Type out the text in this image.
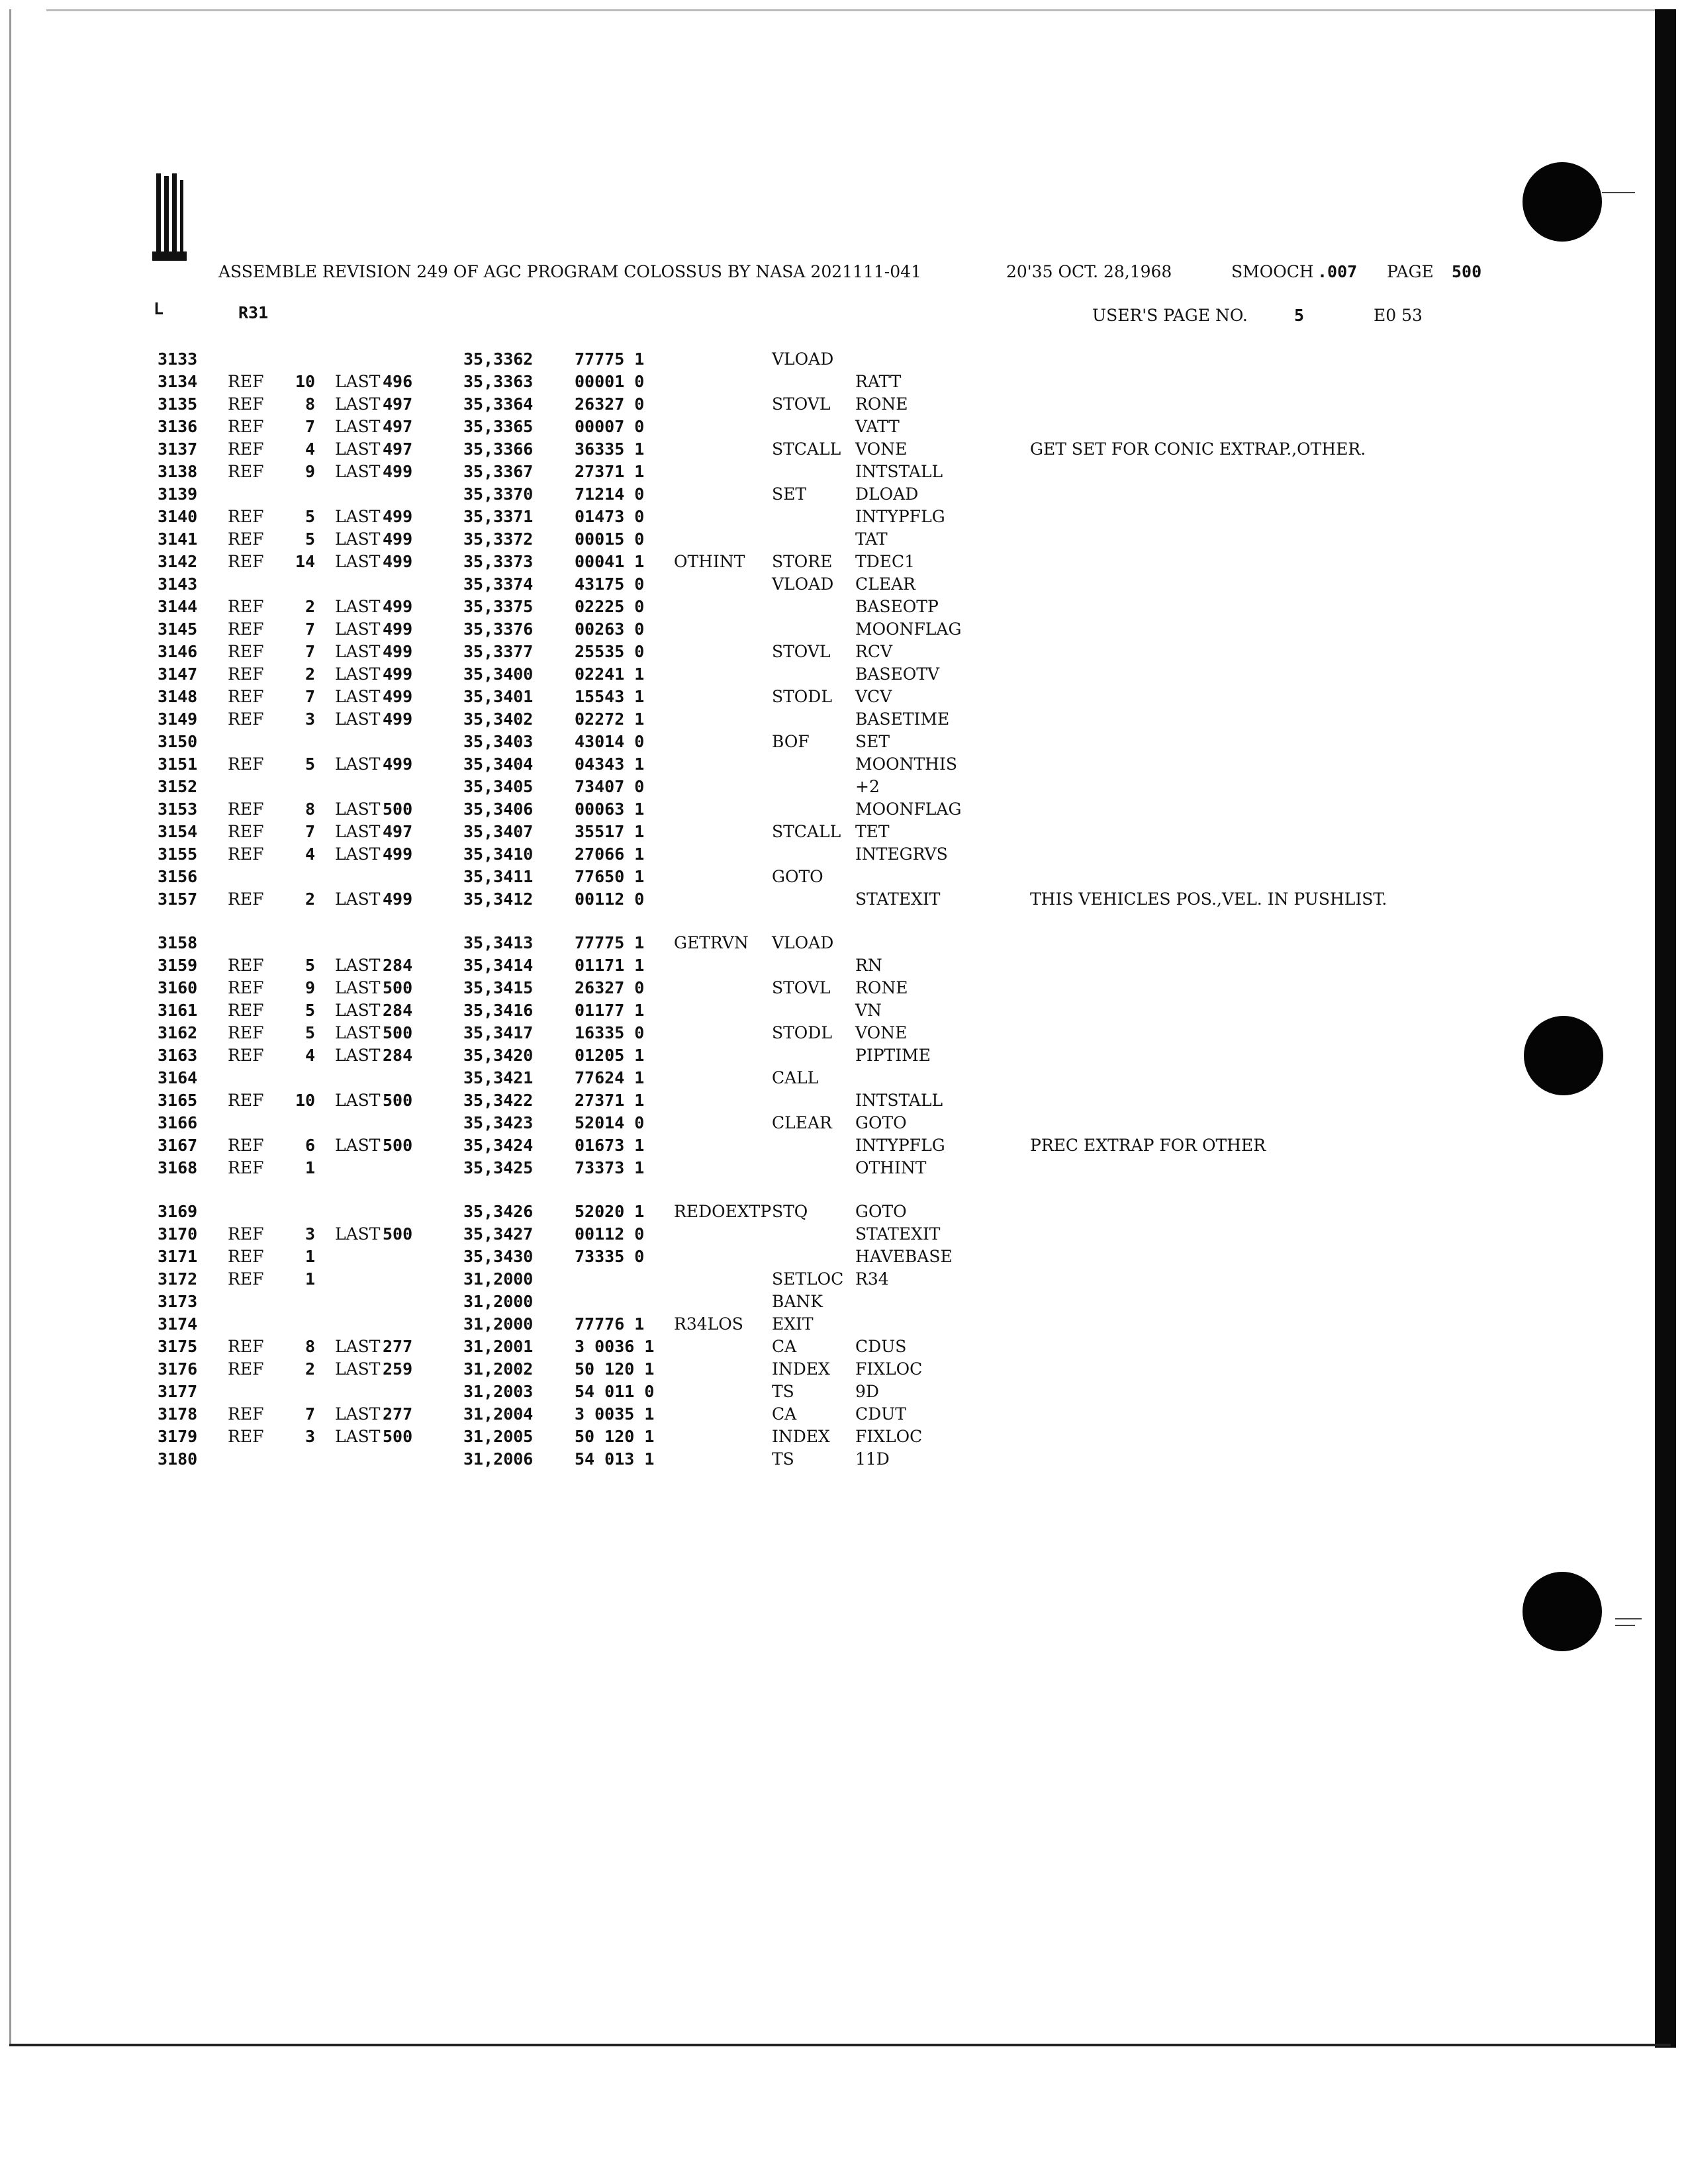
ASSEMBLE REVISION 249 OF AGC PROGRAM COLOSSUS BY NASA 2021111-041	20'35 OCT. 28,1968	SMOOCH .007 PAGE 500
L	R31	USER'S PAGE NO.	5	E0 53
3133	35,3362	77775 1	VLOAD
3134 REF 10 LAST 496	35,3363	00001 0	RATT
3135 REF	8 LAST 497	35,3364	26327 0	STOVL RONE
3136 REF	7 LAST 497	35,3365	00007 0	VATT
3137 REF	4 LAST 497	35,3366	36335 1	STCALL VONE	GET SET FOR CONIC EXTRAP.,OTHER.
3138 REF	9 LAST 499	35,3367	27371 1	INTSTALL
3139	35,3370	71214 0	SET	DLOAD
3140 REF	5 LAST 499	35,3371	01473 0	INTYPFLG
3141 REF	5 LAST 499	35,3372	00015 0	TAT
3142 REF 14 LAST 499	35,3373	00041 1 OTHINT STORE TDEC1
3143	35,3374	43175 0	VLOAD CLEAR
3144 REF	2 LAST 499	35,3375	02225 0	BASEOTP
3145 REF	7 LAST 499	35,3376	00263 0	MOONFLAG
3146 REF	7 LAST 499	35,3377	25535 0	STOVL RCV
3147 REF	2 LAST 499	35,3400	02241 1	BASEOTV
3148 REF	7 LAST 499	35,3401	15543 1	STODL VCV
3149 REF	3 LAST 499	35,3402	02272 1	BASETIME
3150	35,3403	43014 0	BOF	SET
3151 REF	5 LAST 499	35,3404	04343 1	MOONTHIS
3152	35,3405	73407 0	+2
3153 REF	8 LAST 500	35,3406	00063 1	MOONFLAG
3154 REF	7 LAST 497	35,3407	35517 1	STCALL TET
3155 REF	4 LAST 499	35,3410	27066 1	INTEGRVS
3156	35,3411	77650 1	GOTO
3157 REF	2 LAST 499	35,3412	00112 0	STATEXIT	THIS VEHICLES POS.,VEL. IN PUSHLIST.
3158	35,3413	77775 1 GETRVN VLOAD
3159 REF	5 LAST 284	35,3414	01171 1	RN
3160 REF	9 LAST 500	35,3415	26327 0	STOVL RONE
3161 REF	5 LAST 284	35,3416	01177 1	VN
3162 REF	5 LAST 500	35,3417	16335 0	STODL VONE
3163 REF	4 LAST 284	35,3420	01205 1	PIPTIME
3164	35,3421	77624 1	CALL
3165 REF 10 LAST 500	35,3422	27371 1	INTSTALL
3166	35,3423	52014 0	CLEAR GOTO
3167 REF	6 LAST 500	35,3424	01673 1	INTYPFLG	PREC EXTRAP FOR OTHER
3168 REF	1	35,3425	73373 1	OTHINT
3169	35,3426	52020 1 REDOEXTP STQ	GOTO
3170 REF	3 LAST 500	35,3427	00112 0	STATEXIT
3171 REF	1	35,3430	73335 0	HAVEBASE
3172 REF	1	31,2000	SETLOC R34
3173	31,2000	BANK
3174	31,2000	77776 1 R34LOS EXIT
3175 REF	8 LAST 277	31,2001	3 0036 1	CA	CDUS
3176 REF	2 LAST 259	31,2002	50 120 1	INDEX FIXLOC
3177	31,2003	54 011 0	TS	9D
3178 REF	7 LAST 277	31,2004	3 0035 1	CA	CDUT
3179 REF	3 LAST 500	31,2005	50 120 1	INDEX FIXLOC
3180	31,2006	54 013 1	TS	11D
